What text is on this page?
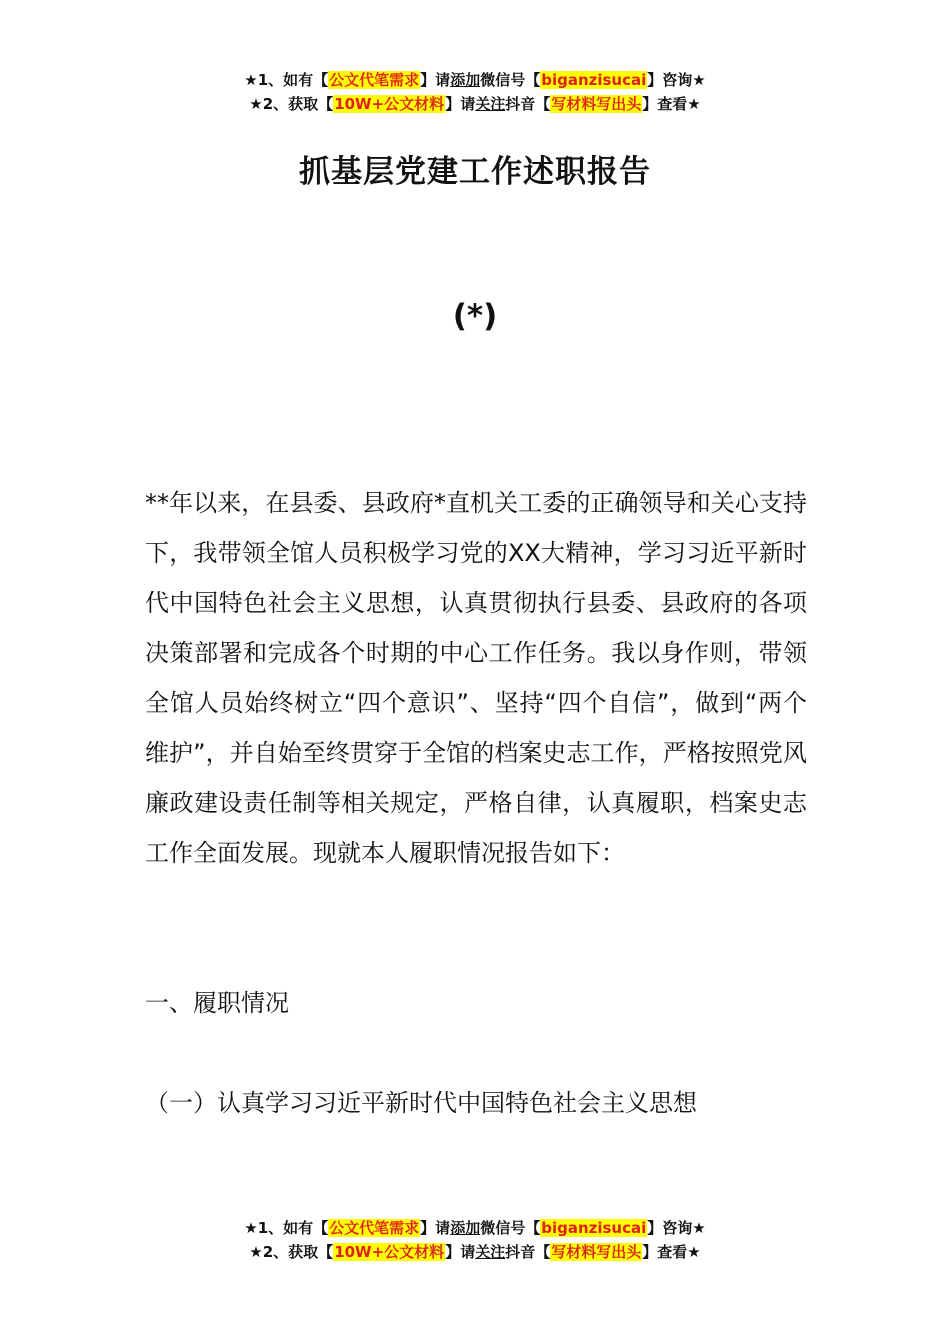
★1、如有【公文代笔需求】请添加微信号【biganzisucai】咨询★
★2、获取【10W+公文材料】请关注抖音【写材料写出头】查看★
抓基层党建工作述职报告
(*)

**年以来，在县委、县政府*直机关工委的正确领导和关心支持下，我带领全馆人员积极学习党的XX大精神，学习习近平新时代中国特色社会主义思想，认真贯彻执行县委、县政府的各项决策部署和完成各个时期的中心工作任务。我以身作则，带领全馆人员始终树立“四个意识”、坚持“四个自信”，做到“两个维护”，并自始至终贯穿于全馆的档案史志工作，严格按照党风廉政建设责任制等相关规定，严格自律，认真履职，档案史志工作全面发展。现就本人履职情况报告如下：

一、履职情况

（一）认真学习习近平新时代中国特色社会主义思想

★1、如有【公文代笔需求】请添加微信号【biganzisucai】咨询★
★2、获取【10W+公文材料】请关注抖音【写材料写出头】查看★
